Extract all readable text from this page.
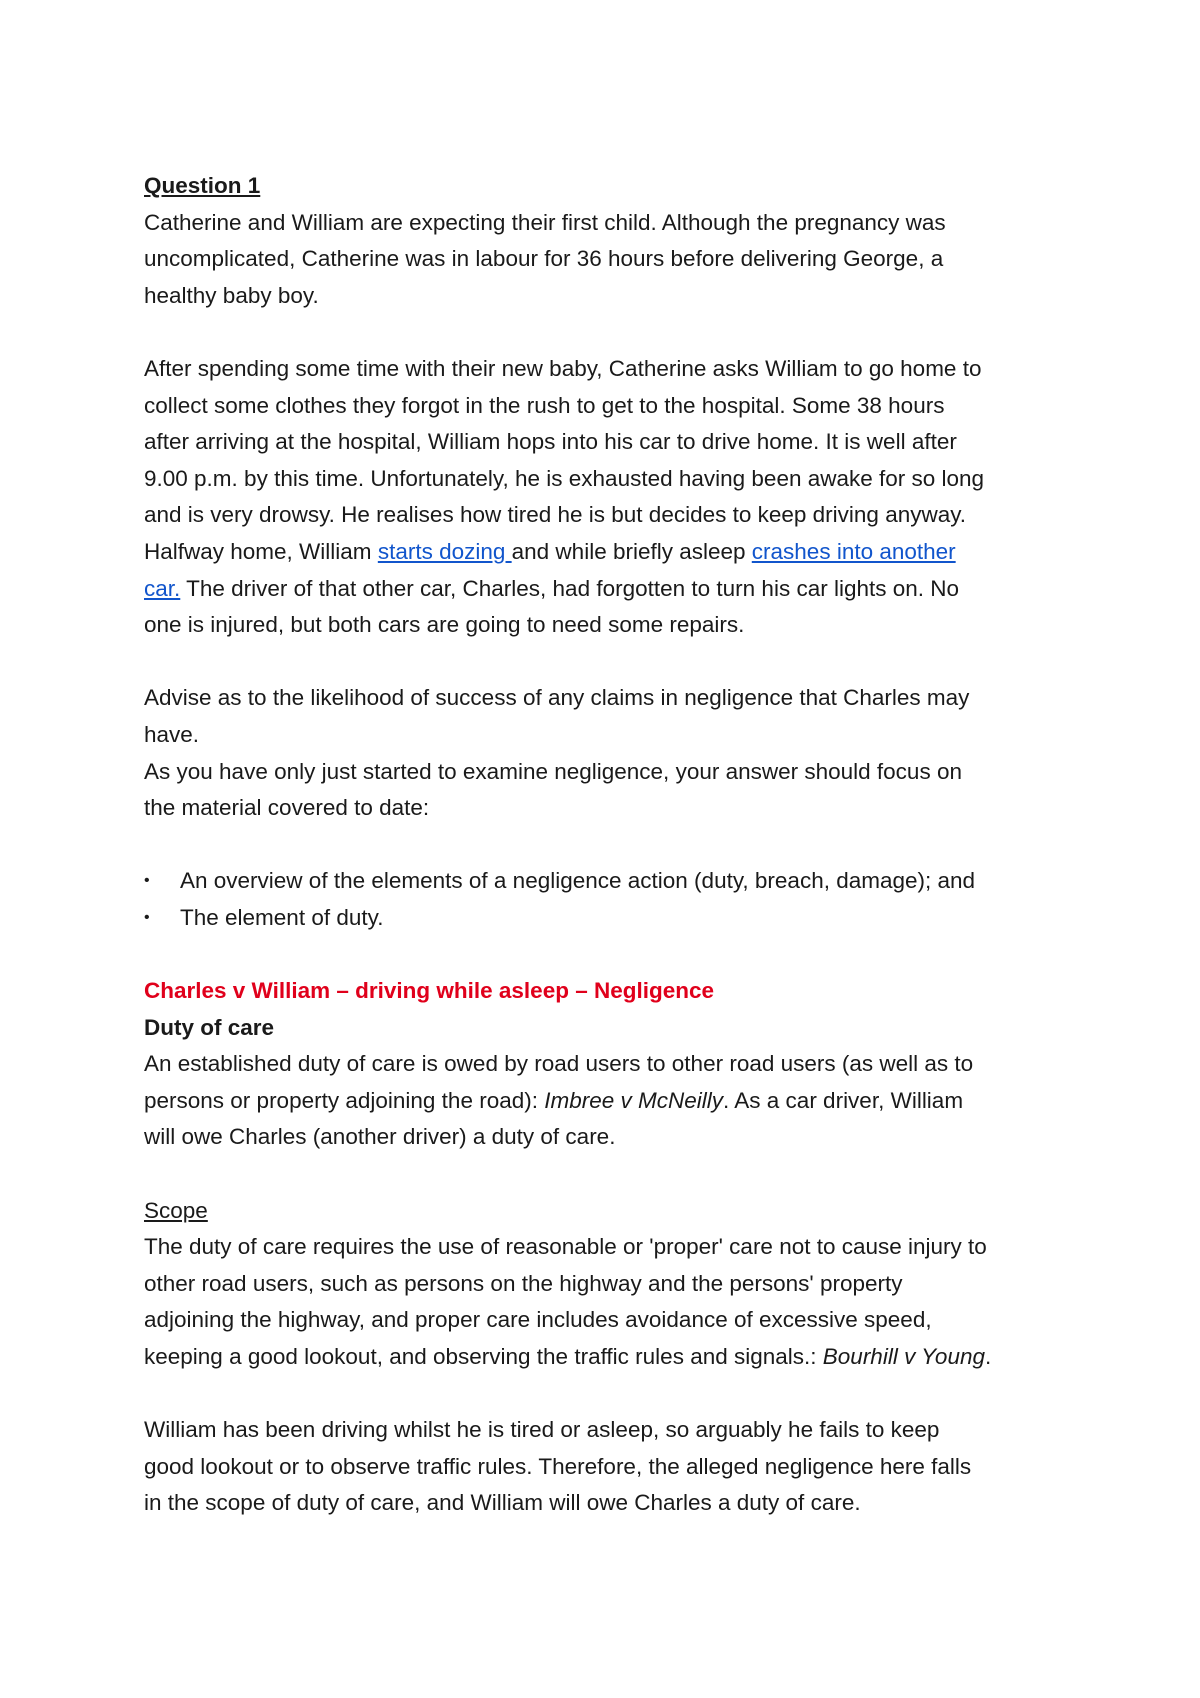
Question 1
Catherine and William are expecting their first child. Although the pregnancy was
uncomplicated, Catherine was in labour for 36 hours before delivering George, a
healthy baby boy.
After spending some time with their new baby, Catherine asks William to go home to
collect some clothes they forgot in the rush to get to the hospital. Some 38 hours
after arriving at the hospital, William hops into his car to drive home. It is well after
9.00 p.m. by this time. Unfortunately, he is exhausted having been awake for so long
and is very drowsy. He realises how tired he is but decides to keep driving anyway.
Halfway home, William starts dozing and while briefly asleep crashes into another
car. The driver of that other car, Charles, had forgotten to turn his car lights on. No
one is injured, but both cars are going to need some repairs.
Advise as to the likelihood of success of any claims in negligence that Charles may
have.
As you have only just started to examine negligence, your answer should focus on
the material covered to date:
• An overview of the elements of a negligence action (duty, breach, damage); and
• The element of duty.
Charles v William – driving while asleep – Negligence
Duty of care
An established duty of care is owed by road users to other road users (as well as to
persons or property adjoining the road): Imbree v McNeilly. As a car driver, William
will owe Charles (another driver) a duty of care.
Scope
The duty of care requires the use of reasonable or 'proper' care not to cause injury to
other road users, such as persons on the highway and the persons' property
adjoining the highway, and proper care includes avoidance of excessive speed,
keeping a good lookout, and observing the traffic rules and signals.: Bourhill v Young.
William has been driving whilst he is tired or asleep, so arguably he fails to keep
good lookout or to observe traffic rules. Therefore, the alleged negligence here falls
in the scope of duty of care, and William will owe Charles a duty of care.
